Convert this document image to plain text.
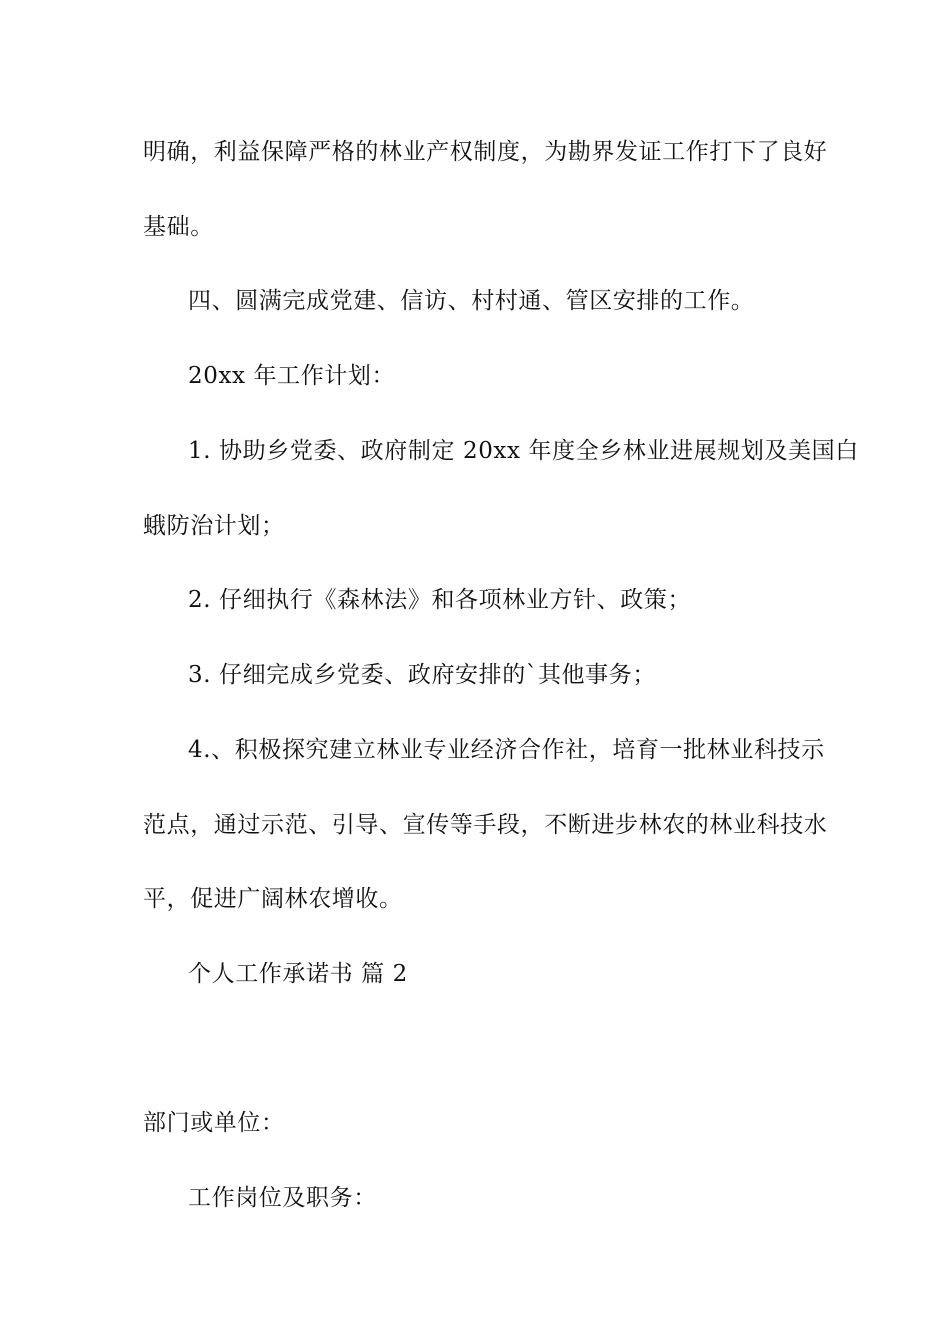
明确，利益保障严格的林业产权制度，为勘界发证工作打下了良好
基础。
四、圆满完成党建、信访、村村通、管区安排的工作。
20xx 年工作计划：
1. 协助乡党委、政府制定 20xx 年度全乡林业进展规划及美国白
蛾防治计划；
2. 仔细执行《森林法》和各项林业方针、政策；
3. 仔细完成乡党委、政府安排的`其他事务；
4.、积极探究建立林业专业经济合作社，培育一批林业科技示
范点，通过示范、引导、宣传等手段，不断进步林农的林业科技水
平，促进广阔林农增收。
个人工作承诺书 篇 2
部门或单位：
工作岗位及职务：
